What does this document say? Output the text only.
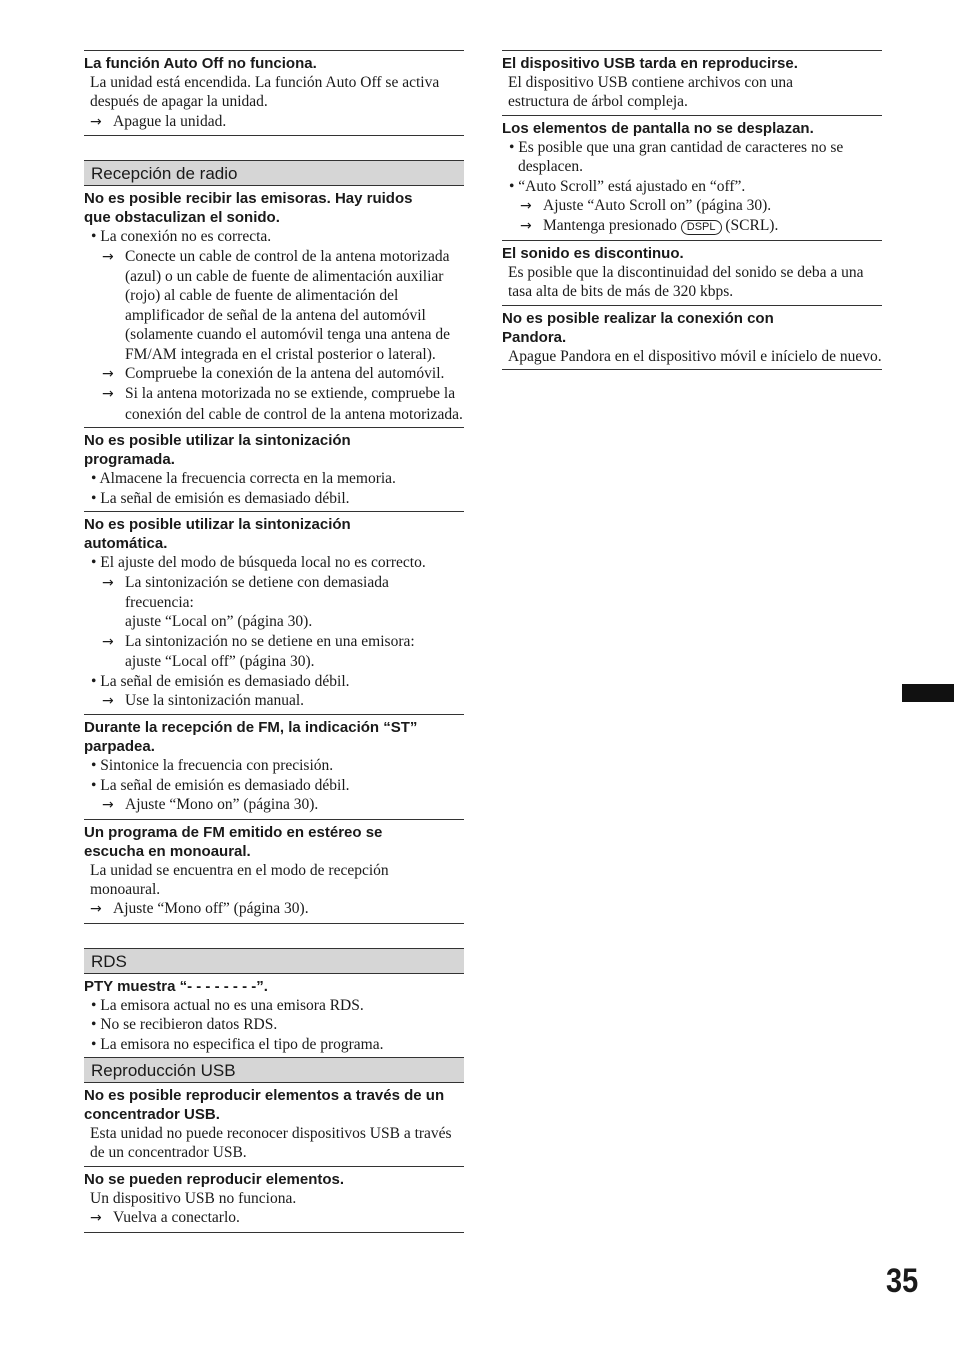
La función Auto Off no funciona.

La unidad está encendida. La función Auto Off se activa después de apagar la unidad.

→ Apague la unidad.

Recepción de radio

No es posible recibir las emisoras. Hay ruidos que obstaculizan el sonido.

• La conexión no es correcta.

→ Conecte un cable de control de la antena motorizada (azul) o un cable de fuente de alimentación auxiliar (rojo) al cable de fuente de alimentación del amplificador de señal de la antena del automóvil (solamente cuando el automóvil tenga una antena de FM/AM integrada en el cristal posterior o lateral).

→ Compruebe la conexión de la antena del automóvil.

→ Si la antena motorizada no se extiende, compruebe la conexión del cable de control de la antena motorizada.

No es posible utilizar la sintonización programada.

• Almacene la frecuencia correcta en la memoria.

• La señal de emisión es demasiado débil.

No es posible utilizar la sintonización automática.

• El ajuste del modo de búsqueda local no es correcto.

→ La sintonización se detiene con demasiada frecuencia:

ajuste “Local on” (página 30).

→ La sintonización no se detiene en una emisora:

ajuste “Local off” (página 30).

• La señal de emisión es demasiado débil.

→ Use la sintonización manual.

Durante la recepción de FM, la indicación “ST” parpadea.

• Sintonice la frecuencia con precisión.

• La señal de emisión es demasiado débil.

→ Ajuste “Mono on” (página 30).

Un programa de FM emitido en estéreo se escucha en monoaural.

La unidad se encuentra en el modo de recepción monoaural.

→ Ajuste “Mono off” (página 30).

RDS

PTY muestra “- - - - - - - -”.

• La emisora actual no es una emisora RDS.

• No se recibieron datos RDS.

• La emisora no especifica el tipo de programa.

Reproducción USB

No es posible reproducir elementos a través de un concentrador USB.

Esta unidad no puede reconocer dispositivos USB a través de un concentrador USB.

No se pueden reproducir elementos.

Un dispositivo USB no funciona.

→ Vuelva a conectarlo.

El dispositivo USB tarda en reproducirse.

El dispositivo USB contiene archivos con una estructura de árbol compleja.

Los elementos de pantalla no se desplazan.

• Es posible que una gran cantidad de caracteres no se desplacen.

• “Auto Scroll” está ajustado en “off”.

→ Ajuste “Auto Scroll on” (página 30).

→ Mantenga presionado DSPL (SCRL).

El sonido es discontinuo.

Es posible que la discontinuidad del sonido se deba a una tasa alta de bits de más de 320 kbps.

No es posible realizar la conexión con Pandora.

Apague Pandora en el dispositivo móvil e inícielo de nuevo.

35
